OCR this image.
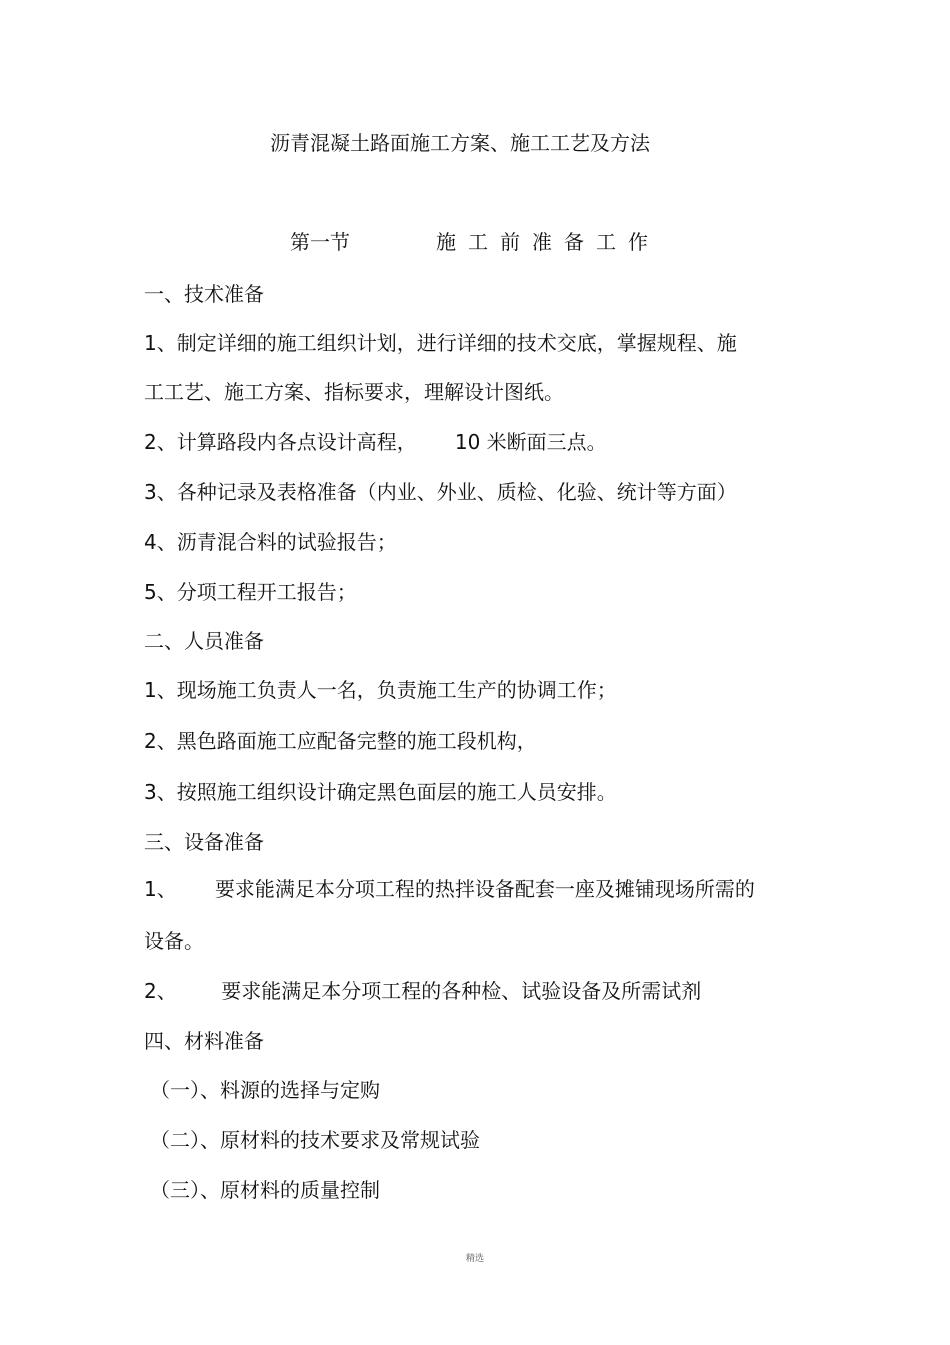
沥青混凝土路面施工方案、施工工艺及方法
第一节	施工前准备工作
一、技术准备
1、制定详细的施工组织计划，进行详细的技术交底，掌握规程、施
工工艺、施工方案、指标要求，理解设计图纸。
2、计算路段内各点设计高程，      10 米断面三点。
3、各种记录及表格准备（内业、外业、质检、化验、统计等方面）
4、沥青混合料的试验报告；
5、分项工程开工报告；
二、人员准备
1、现场施工负责人一名，负责施工生产的协调工作；
2、黑色路面施工应配备完整的施工段机构，
3、按照施工组织设计确定黑色面层的施工人员安排。
三、设备准备
1、      要求能满足本分项工程的热拌设备配套一座及摊铺现场所需的
设备。
2、       要求能满足本分项工程的各种检、试验设备及所需试剂
四、材料准备
（一）、料源的选择与定购
（二）、原材料的技术要求及常规试验
（三）、原材料的质量控制
精选
